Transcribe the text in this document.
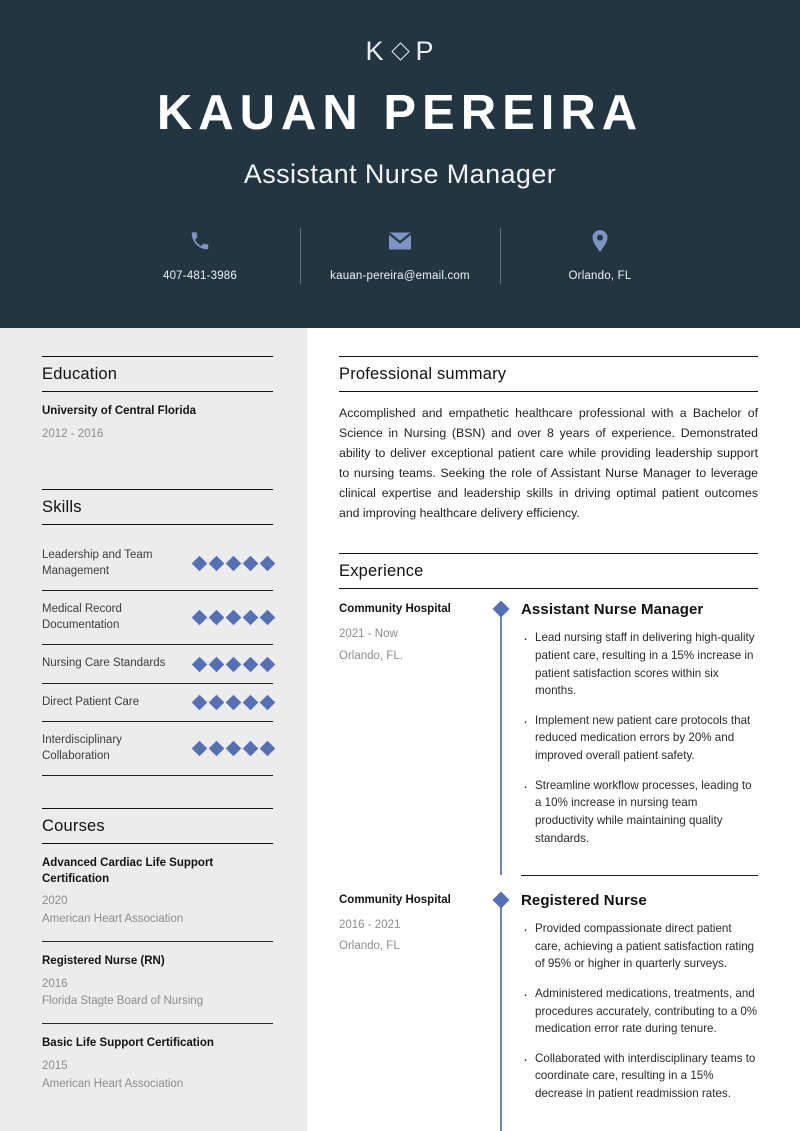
K P
KAUAN PEREIRA
Assistant Nurse Manager
407-481-3986	kauan-pereira@email.com	Orlando, FL
Education
University of Central Florida
2012 - 2016
Skills
Leadership and Team Management
Medical Record Documentation
Nursing Care Standards
Direct Patient Care
Interdisciplinary Collaboration
Courses
Advanced Cardiac Life Support Certification
2020
American Heart Association
Registered Nurse (RN)
2016
Florida Stagte Board of Nursing
Basic Life Support Certification
2015
American Heart Association
Professional summary
Accomplished and empathetic healthcare professional with a Bachelor of Science in Nursing (BSN) and over 8 years of experience. Demonstrated ability to deliver exceptional patient care while providing leadership support to nursing teams. Seeking the role of Assistant Nurse Manager to leverage clinical expertise and leadership skills in driving optimal patient outcomes and improving healthcare delivery efficiency.
Experience
Community Hospital
2021 - Now
Orlando, FL.
Assistant Nurse Manager
· Lead nursing staff in delivering high-quality patient care, resulting in a 15% increase in patient satisfaction scores within six months.
· Implement new patient care protocols that reduced medication errors by 20% and improved overall patient safety.
· Streamline workflow processes, leading to a 10% increase in nursing team productivity while maintaining quality standards.
Community Hospital
2016 - 2021
Orlando, FL
Registered Nurse
· Provided compassionate direct patient care, achieving a patient satisfaction rating of 95% or higher in quarterly surveys.
· Administered medications, treatments, and procedures accurately, contributing to a 0% medication error rate during tenure.
· Collaborated with interdisciplinary teams to coordinate care, resulting in a 15% decrease in patient readmission rates.
